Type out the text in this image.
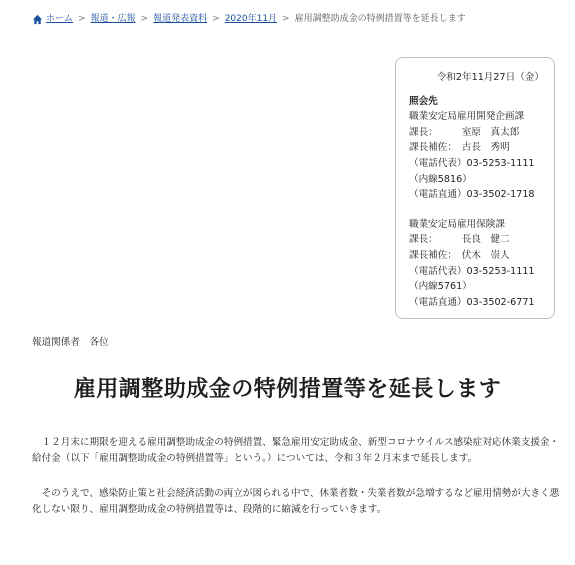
ホーム > 報道・広報 > 報道発表資料 > 2020年11月 > 雇用調整助成金の特例措置等を延長します
令和2年11月27日（金）
照会先
職業安定局雇用開発企画課
課長：　　　室原　真太郎
課長補佐：　古長　秀明
（電話代表）03-5253-1111
（内線5816）
（電話直通）03-3502-1718
職業安定局雇用保険課
課長：　　　長良　健二
課長補佐：　伏木　崇人
（電話代表）03-5253-1111
（内線5761）
（電話直通）03-3502-6771
報道関係者　各位
雇用調整助成金の特例措置等を延長します

　１２月末に期限を迎える雇用調整助成金の特例措置、緊急雇用安定助成金、新型コロナウイルス感染症対応休業支援金・給付金（以下「雇用調整助成金の特例措置等」という。）については、令和３年２月末まで延長します。

　そのうえで、感染防止策と社会経済活動の両立が図られる中で、休業者数・失業者数が急増するなど雇用情勢が大きく悪化しない限り、雇用調整助成金の特例措置等は、段階的に縮減を行っていきます。
